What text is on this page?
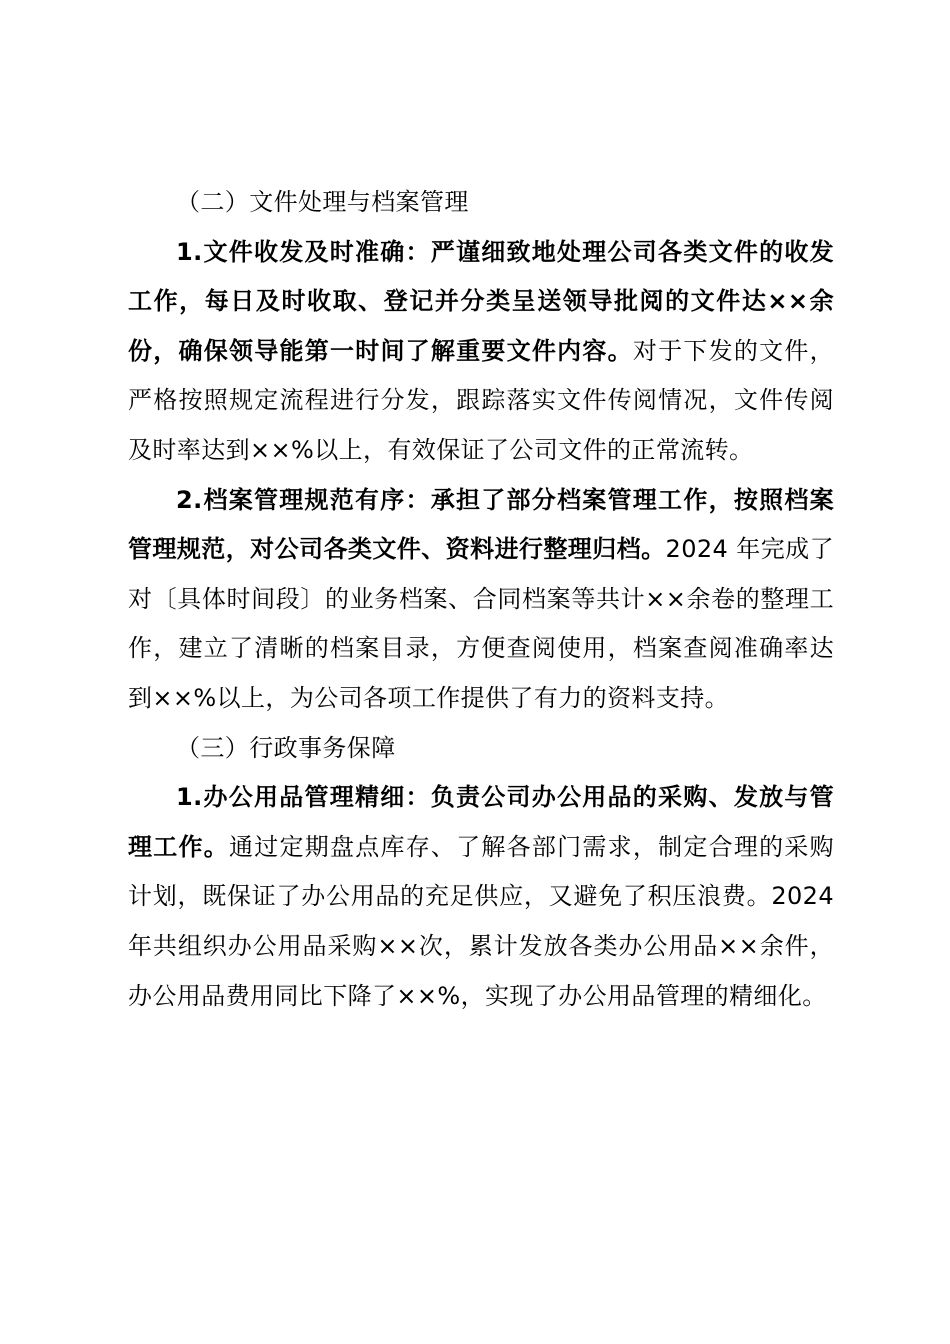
（二）文件处理与档案管理

1.文件收发及时准确：严谨细致地处理公司各类文件的收发工作，每日及时收取、登记并分类呈送领导批阅的文件达××余份，确保领导能第一时间了解重要文件内容。对于下发的文件，严格按照规定流程进行分发，跟踪落实文件传阅情况，文件传阅及时率达到××%以上，有效保证了公司文件的正常流转。

2.档案管理规范有序：承担了部分档案管理工作，按照档案管理规范，对公司各类文件、资料进行整理归档。2024 年完成了对〔具体时间段〕的业务档案、合同档案等共计××余卷的整理工作，建立了清晰的档案目录，方便查阅使用，档案查阅准确率达到××%以上，为公司各项工作提供了有力的资料支持。

（三）行政事务保障

1.办公用品管理精细：负责公司办公用品的采购、发放与管理工作。通过定期盘点库存、了解各部门需求，制定合理的采购计划，既保证了办公用品的充足供应，又避免了积压浪费。2024 年共组织办公用品采购××次，累计发放各类办公用品××余件，办公用品费用同比下降了××%，实现了办公用品管理的精细化。
